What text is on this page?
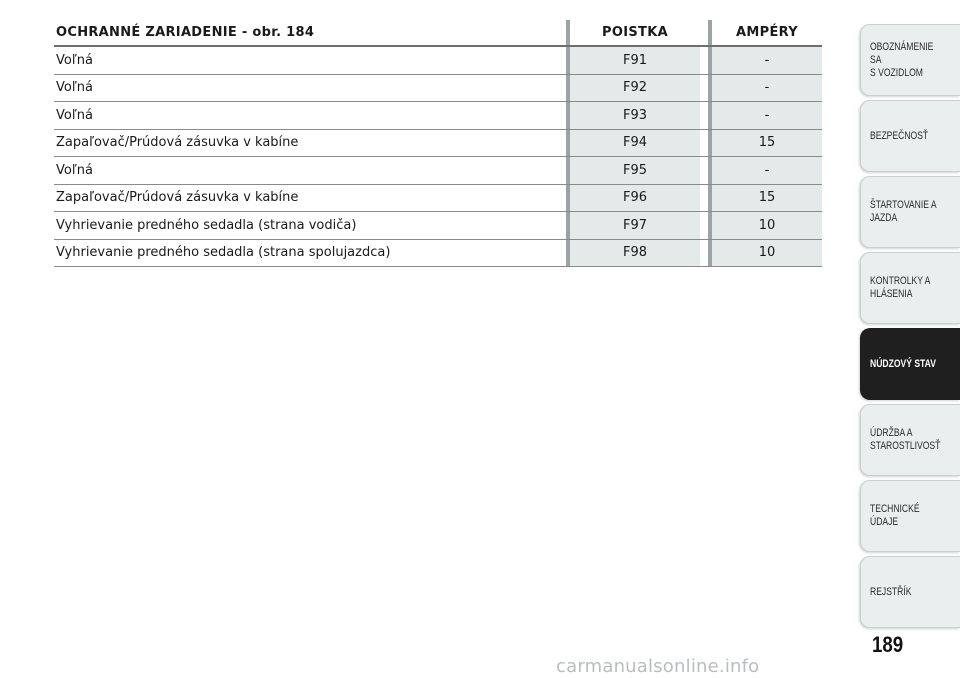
OCHRANNÉ ZARIADENIE - obr. 184	POISTKA	AMPÉRY
Voľná	F91	-
Voľná	F92	-
Voľná	F93	-
Zapaľovač/Prúdová zásuvka v kabíne	F94	15
Voľná	F95	-
Zapaľovač/Prúdová zásuvka v kabíne	F96	15
Vyhrievanie predného sedadla (strana vodiča)	F97	10
Vyhrievanie predného sedadla (strana spolujazdca)	F98	10
OBOZNÁMENIE SA
S VOZIDLOM
BEZPEČNOSŤ
ŠTARTOVANIE A
JAZDA
KONTROLKY A
HLÁSENIA
NÚDZOVÝ STAV
ÚDRŽBA A
STAROSTLIVOSŤ
TECHNICKÉ ÚDAJE
REJSTŘÍK
189
carmanualsonline.info
